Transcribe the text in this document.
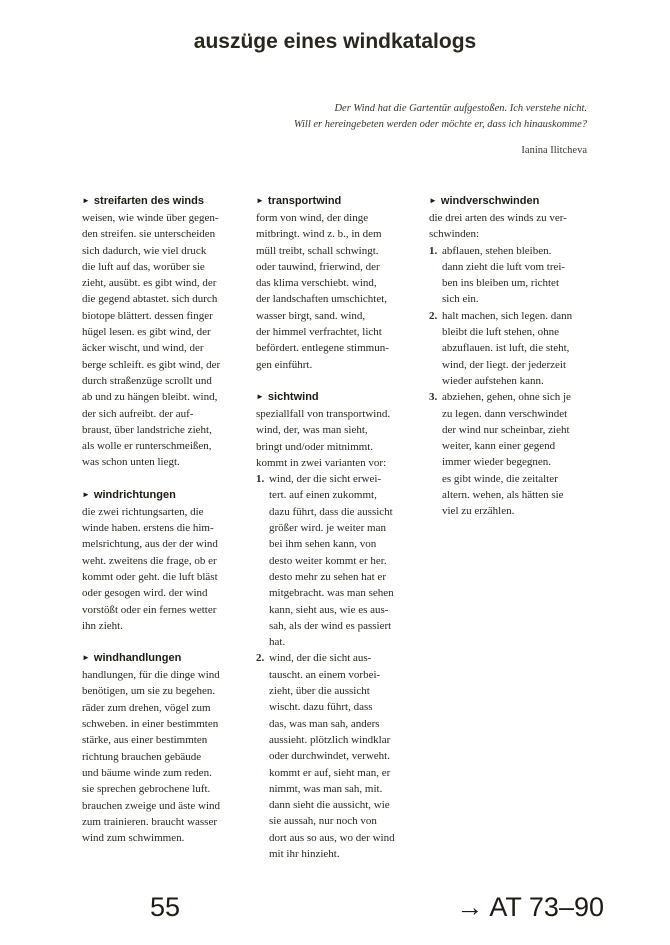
auszüge eines windkatalogs
Der Wind hat die Gartentür aufgestoßen. Ich verstehe nicht.
Will er hereingebeten werden oder möchte er, dass ich hinauskomme?
Ianina Ilitcheva
► streifarten des winds

weisen, wie winde über gegen-
den streifen. sie unterscheiden
sich dadurch, wie viel druck
die luft auf das, worüber sie
zieht, ausübt. es gibt wind, der
die gegend abtastet. sich durch
biotope blättert. dessen finger
hügel lesen. es gibt wind, der
äcker wischt, und wind, der
berge schleift. es gibt wind, der
durch straßenzüge scrollt und
ab und zu hängen bleibt. wind,
der sich aufreibt. der auf-
braust, über landstriche zieht,
als wolle er runterschmeißen,
was schon unten liegt.

► windrichtungen

die zwei richtungsarten, die
winde haben. erstens die him-
melsrichtung, aus der der wind
weht. zweitens die frage, ob er
kommt oder geht. die luft bläst
oder gesogen wird. der wind
vorstößt oder ein fernes wetter
ihn zieht.

► windhandlungen

handlungen, für die dinge wind
benötigen, um sie zu begehen.
räder zum drehen, vögel zum
schweben. in einer bestimmten
stärke, aus einer bestimmten
richtung brauchen gebäude
und bäume winde zum reden.
sie sprechen gebrochene luft.
brauchen zweige und äste wind
zum trainieren. braucht wasser
wind zum schwimmen.

► transportwind

form von wind, der dinge
mitbringt. wind z. b., in dem
müll treibt, schall schwingt.
oder tauwind, frierwind, der
das klima verschiebt. wind,
der landschaften umschichtet,
wasser birgt, sand. wind,
der himmel verfrachtet, licht
befördert. entlegene stimmun-
gen einführt.

► sichtwind

speziallfall von transportwind.
wind, der, was man sieht,
bringt und/oder mitnimmt.
kommt in zwei varianten vor:

1. wind, der die sicht erwei-
tert. auf einen zukommt,
dazu führt, dass die aussicht
größer wird. je weiter man
bei ihm sehen kann, von
desto weiter kommt er her.
desto mehr zu sehen hat er
mitgebracht. was man sehen
kann, sieht aus, wie es aus-
sah, als der wind es passiert
hat.
2. wind, der die sicht aus-
tauscht. an einem vorbei-
zieht, über die aussicht
wischt. dazu führt, dass
das, was man sah, anders
aussieht. plötzlich windklar
oder durchwindet, verweht.
kommt er auf, sieht man, er
nimmt, was man sah, mit.
dann sieht die aussicht, wie
sie aussah, nur noch von
dort aus so aus, wo der wind
mit ihr hinzieht.
► windverschwinden

die drei arten des winds zu ver-
schwinden:

1. abflauen, stehen bleiben.
dann zieht die luft vom trei-
ben ins bleiben um, richtet
sich ein.
2. halt machen, sich legen. dann
bleibt die luft stehen, ohne
abzuflauen. ist luft, die steht,
wind, der liegt. der jederzeit
wieder aufstehen kann.
3. abziehen, gehen, ohne sich je
zu legen. dann verschwindet
der wind nur scheinbar, zieht
weiter, kann einer gegend
immer wieder begegnen.
es gibt winde, die zeitalter
altern. wehen, als hätten sie
viel zu erzählen.
55	→ AT 73–90
